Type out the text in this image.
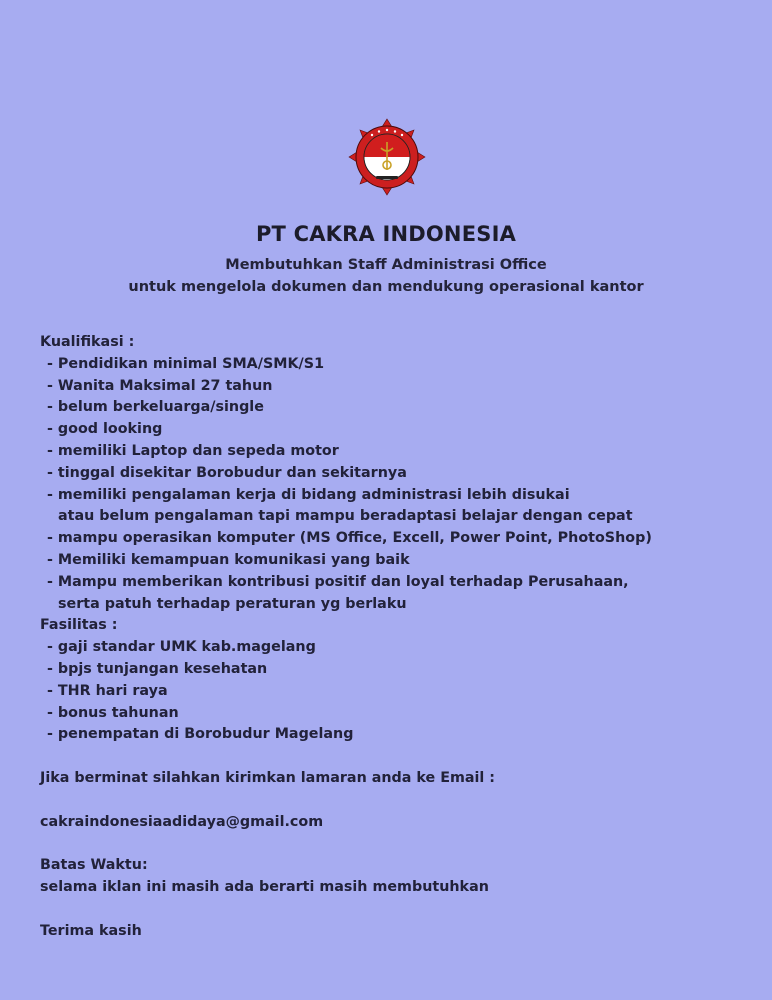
PT CAKRA INDONESIA
Membutuhkan Staff Administrasi Office
untuk mengelola dokumen dan mendukung operasional kantor
Kualifikasi :
- Pendidikan minimal SMA/SMK/S1
- Wanita Maksimal 27 tahun
- belum berkeluarga/single
- good looking
- memiliki Laptop dan sepeda motor
- tinggal disekitar Borobudur dan sekitarnya
- memiliki pengalaman kerja di bidang administrasi lebih disukai
atau belum pengalaman tapi mampu beradaptasi belajar dengan cepat
- mampu operasikan komputer (MS Office, Excell, Power Point, PhotoShop)
- Memiliki kemampuan komunikasi yang baik
- Mampu memberikan kontribusi positif dan loyal terhadap Perusahaan,
serta patuh terhadap peraturan yg berlaku
Fasilitas :
- gaji standar UMK kab.magelang
- bpjs tunjangan kesehatan
- THR hari raya
- bonus tahunan
- penempatan di Borobudur Magelang
Jika berminat silahkan kirimkan lamaran anda ke Email :
cakraindonesiaadidaya@gmail.com
Batas Waktu:
selama iklan ini masih ada berarti masih membutuhkan
Terima kasih
